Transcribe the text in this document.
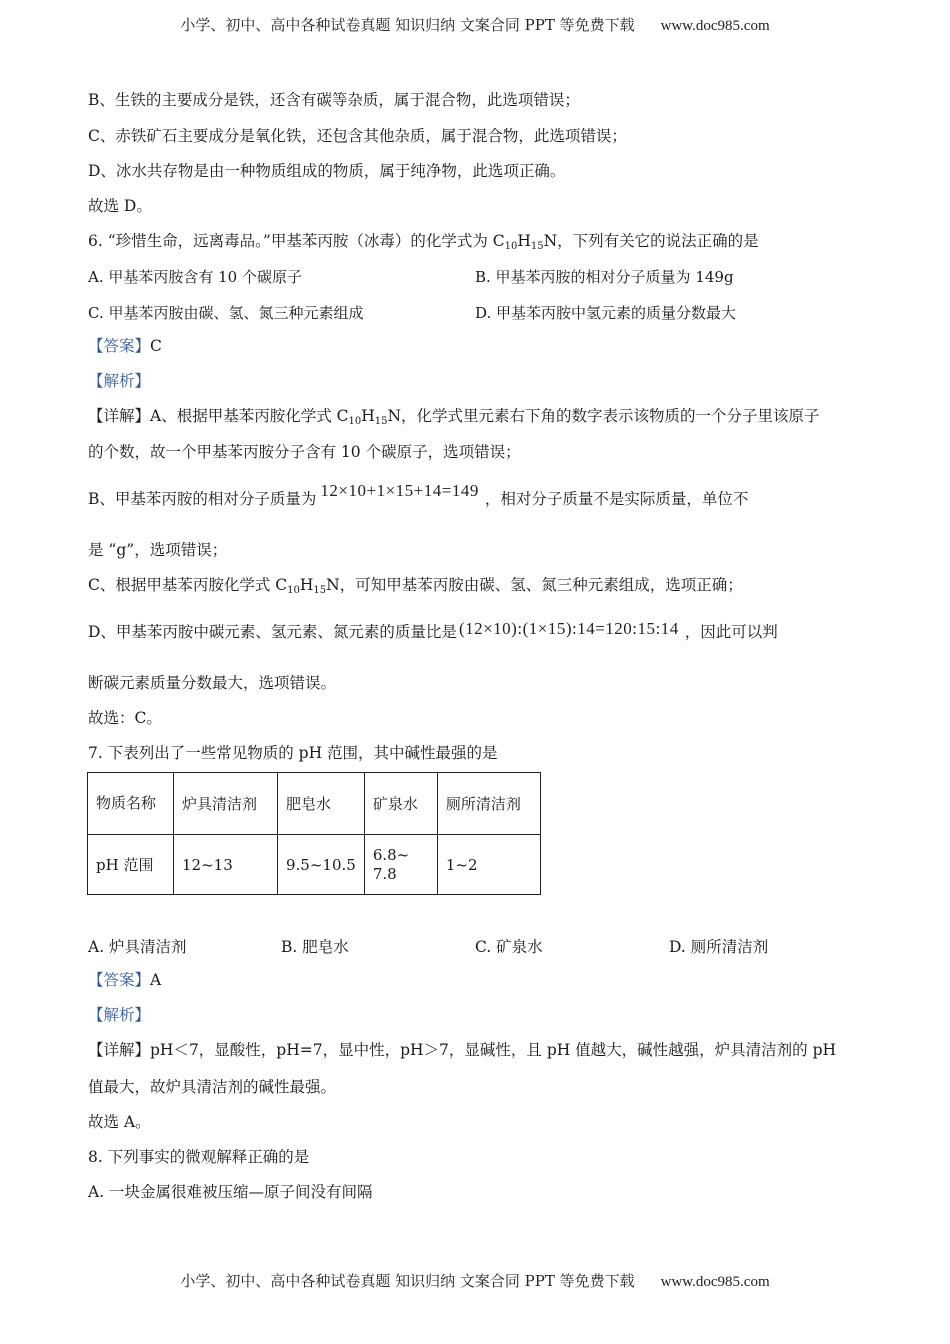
小学、初中、高中各种试卷真题 知识归纳 文案合同 PPT 等免费下载 www.doc985.com
B、生铁的主要成分是铁，还含有碳等杂质，属于混合物，此选项错误；
C、赤铁矿石主要成分是氧化铁，还包含其他杂质，属于混合物，此选项错误；
D、冰水共存物是由一种物质组成的物质，属于纯净物，此选项正确。
故选 D。
6. “珍惜生命，远离毒品。”甲基苯丙胺（冰毒）的化学式为 $C_{10}H_{15}N$，下列有关它的说法正确的是
A. 甲基苯丙胺含有 10 个碳原子	B. 甲基苯丙胺的相对分子质量为 149g
C. 甲基苯丙胺由碳、氢、氮三种元素组成	D. 甲基苯丙胺中氢元素的质量分数最大
【答案】C
【解析】
【详解】A、根据甲基苯丙胺化学式 $C_{10}H_{15}N$，化学式里元素右下角的数字表示该物质的一个分子里该原子
的个数，故一个甲基苯丙胺分子含有 10 个碳原子，选项错误；
B、甲基苯丙胺的相对分子质量为 12×10+1×15+14=149 ，相对分子质量不是实际质量，单位不
是 “g”，选项错误；
C、根据甲基苯丙胺化学式 $C_{10}H_{15}N$，可知甲基苯丙胺由碳、氢、氮三种元素组成，选项正确；
D、甲基苯丙胺中碳元素、氢元素、氮元素的质量比是 (12×10):(1×15):14=120:15:14 ，因此可以判
断碳元素质量分数最大，选项错误。
故选：C。
7. 下表列出了一些常见物质的 pH 范围，其中碱性最强的是
物质名称	炉具清洁剂	肥皂水	矿泉水	厕所清洁剂
pH 范围	12~13	9.5~10.5	6.8~7.8	1~2
A. 炉具清洁剂	B. 肥皂水	C. 矿泉水	D. 厕所清洁剂
【答案】A
【解析】
【详解】pH＜7，显酸性，pH=7，显中性，pH＞7，显碱性，且 pH 值越大，碱性越强，炉具清洁剂的 pH
值最大，故炉具清洁剂的碱性最强。
故选 A。
8. 下列事实的微观解释正确的是
A. 一块金属很难被压缩—原子间没有间隔
小学、初中、高中各种试卷真题 知识归纳 文案合同 PPT 等免费下载 www.doc985.com
